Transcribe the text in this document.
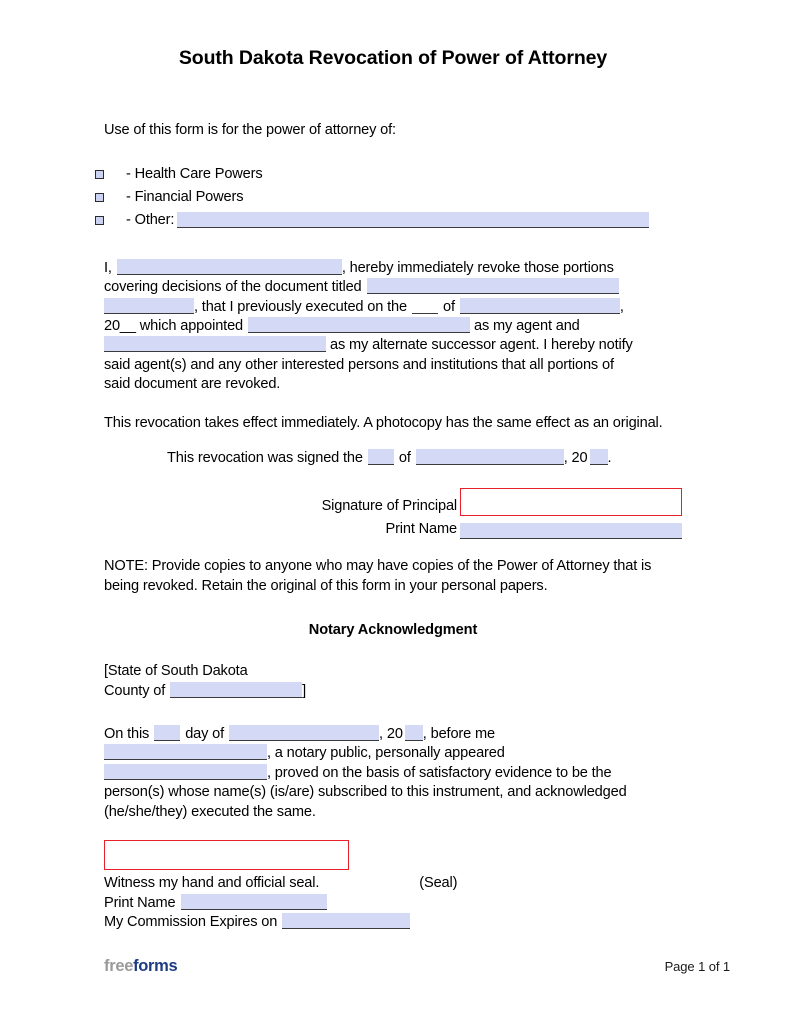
South Dakota Revocation of Power of Attorney

Use of this form is for the power of attorney of:

- Health Care Powers
- Financial Powers
- Other:

I,	, hereby immediately revoke those portions

covering decisions of the document titled

, that I previously executed on the of	,

20__ which appointed	as my agent and

as my alternate successor agent. I hereby notify

said agent(s) and any other interested persons and institutions that all portions of

said document are revoked.

This revocation takes effect immediately. A photocopy has the same effect as an original.

This revocation was signed the of	, 20 .

Signature of Principal
Print Name

NOTE: Provide copies to anyone who may have copies of the Power of Attorney that is being revoked. Retain the original of this form in your personal papers.

Notary Acknowledgment

[State of South Dakota

County of	]

On this day of	, 20 , before me

, a notary public, personally appeared

, proved on the basis of satisfactory evidence to be the

person(s) whose name(s) (is/are) subscribed to this instrument, and acknowledged

(he/she/they) executed the same.

Witness my hand and official seal.	(Seal)
Print Name
My Commission Expires on
freeforms	Page 1 of 1
